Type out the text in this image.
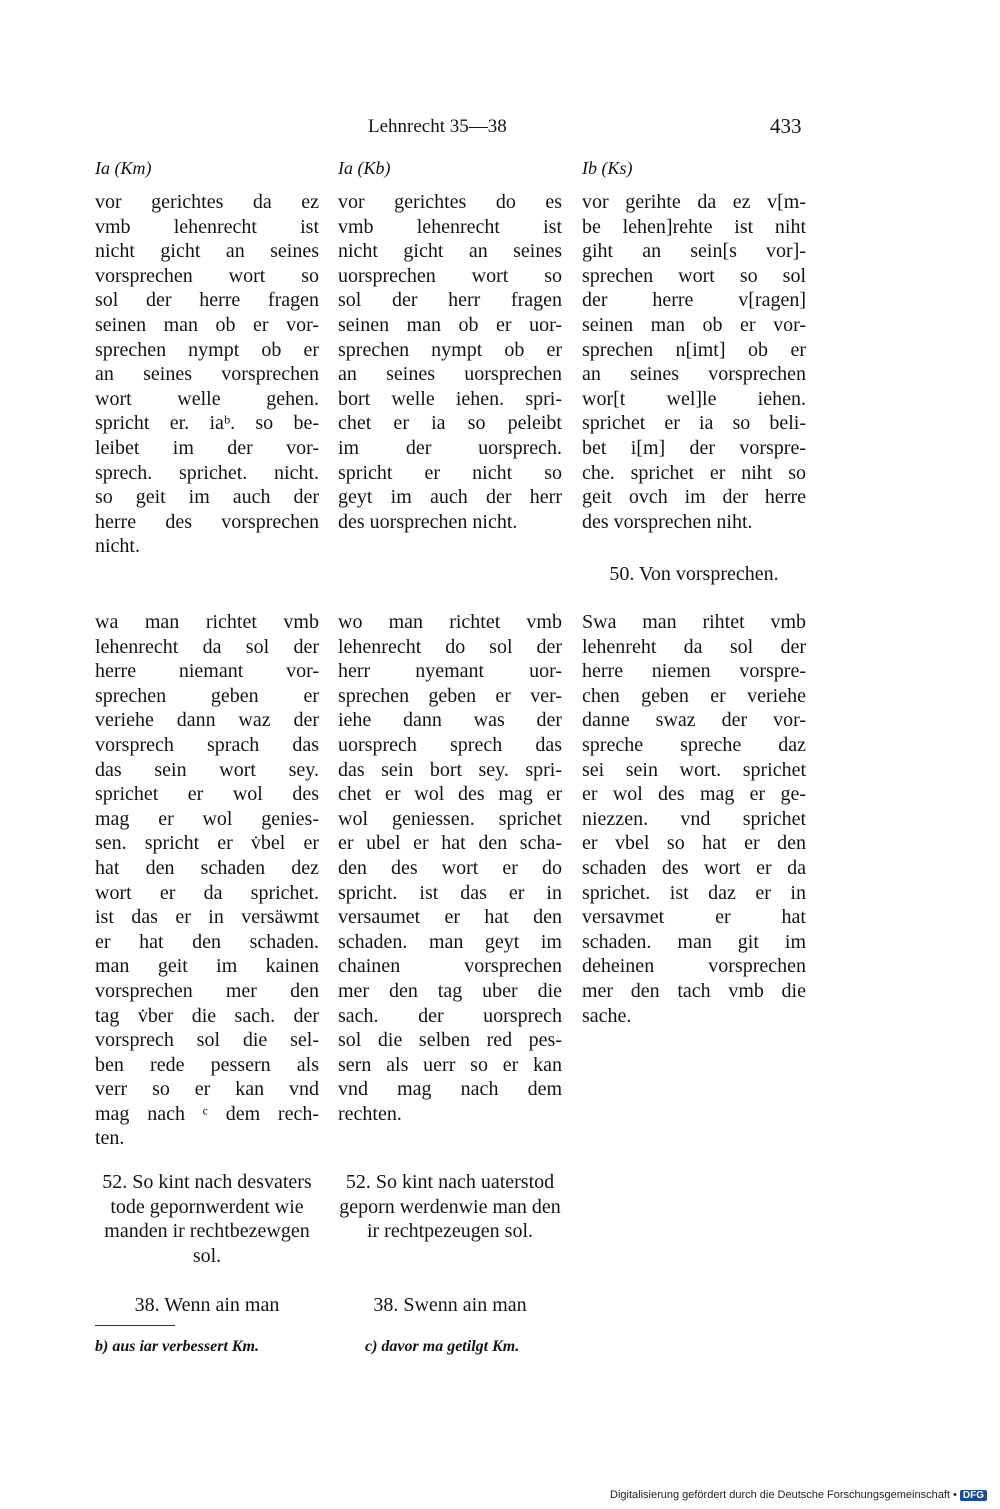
Lehnrecht 35—38	433
Ia (Km)	Ia (Kb)	Ib (Ks)
vor gerichtes da ez
vmb lehenrecht ist
nicht gicht an seines
vorsprechen wort so
sol der herre fragen
seinen man ob er vor-
sprechen nympt ob er
an seines vorsprechen
wort welle gehen.
spricht er. iaᵇ. so be-
leibet im der vor-
sprech. sprichet. nicht.
so geit im auch der
herre des vorsprechen
nicht.
vor gerichtes do es
vmb lehenrecht ist
nicht gicht an seines
uorsprechen wort so
sol der herr fragen
seinen man ob er uor-
sprechen nympt ob er
an seines uorsprechen
bort welle iehen. spri-
chet er ia so peleibt
im der uorsprech.
spricht er nicht so
geyt im auch der herr
des uorsprechen nicht.
vor gerihte da ez v[m-
be lehen]rehte ist niht
giht an sein[s vor]-
sprechen wort so sol
der herre v[ragen]
seinen man ob er vor-
sprechen n[imt] ob er
an seines vorsprechen
wor[t wel]le iehen.
sprichet er ia so beli-
bet i[m] der vorspre-
che. sprichet er niht so
geit ovch im der herre
des vorsprechen niht.
50. Von vorsprechen.
wa man richtet vmb
lehenrecht da sol der
herre niemant vor-
sprechen geben er
veriehe dann waz der
vorsprech sprach das
das sein wort sey.
sprichet er wol des
mag er wol genies-
sen. spricht er v̇bel er
hat den schaden dez
wort er da sprichet.
ist das er in versäwmt
er hat den schaden.
man geit im kainen
vorsprechen mer den
tag v̇ber die sach. der
vorsprech sol die sel-
ben rede pessern als
verr so er kan vnd
mag nach ᶜ dem rech-
ten.
wo man richtet vmb
lehenrecht do sol der
herr nyemant uor-
sprechen geben er ver-
iehe dann was der
uorsprech sprech das
das sein bort sey. spri-
chet er wol des mag er
wol geniessen. sprichet
er ubel er hat den scha-
den des wort er do
spricht. ist das er in
versaumet er hat den
schaden. man geyt im
chainen vorsprechen
mer den tag uber die
sach. der uorsprech
sol die selben red pes-
sern als uerr so er kan
vnd mag nach dem
rechten.
Swa man rihtet vmb
lehenreht da sol der
herre niemen vorspre-
chen geben er veriehe
danne swaz der vor-
spreche spreche daz
sei sein wort. sprichet
er wol des mag er ge-
niezzen. vnd sprichet
er vbel so hat er den
schaden des wort er da
sprichet. ist daz er in
versavmet er hat
schaden. man git im
deheinen vorsprechen
mer den tach vmb die
sache.
52. So kint nach desvaters tode gepornwerdent wie manden ir rechtbezewgen sol.
52. So kint nach uaterstod geporn werdenwie man den ir rechtpezeugen sol.
38. Wenn ain man	38. Swenn ain man
b) aus iar verbessert Km.	c) davor ma getilgt Km.
Digitalisierung gefördert durch die Deutsche Forschungsgemeinschaft • DFG
